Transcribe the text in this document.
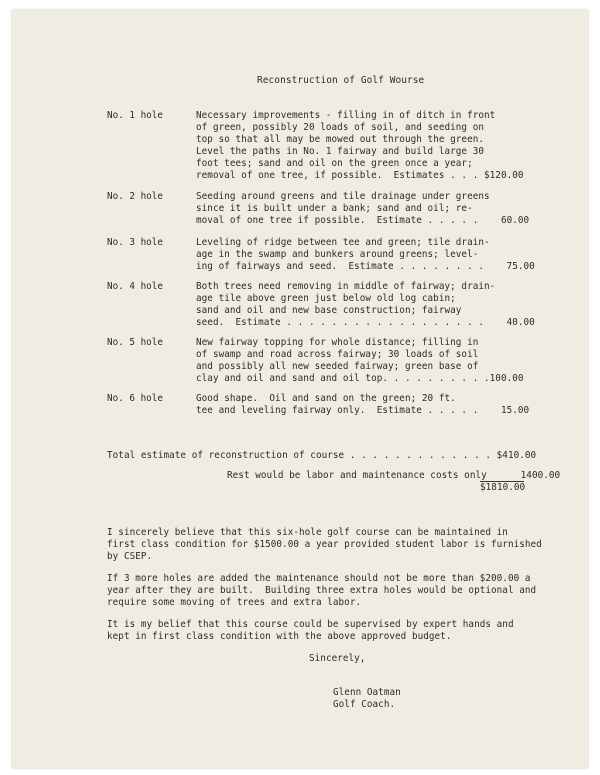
Reconstruction of Golf Wourse
No. 1 hole	Necessary improvements - filling in of ditch in front
of green, possibly 20 loads of soil, and seeding on
top so that all may be mowed out through the green.
Level the paths in No. 1 fairway and build large 30
foot tees; sand and oil on the green once a year;
removal of one tree, if possible.  Estimates . . . $120.00
No. 2 hole	Seeding around greens and tile drainage under greens
since it is built under a bank; sand and oil; re-
moval of one tree if possible.  Estimate . . . . .    60.00
No. 3 hole	Leveling of ridge between tee and green; tile drain-
age in the swamp and bunkers around greens; level-
ing of fairways and seed.  Estimate . . . . . . . .    75.00
No. 4 hole	Both trees need removing in middle of fairway; drain-
age tile above green just below old log cabin;
sand and oil and new base construction; fairway
seed.  Estimate . . . . . . . . . . . . . . . . . .    40.00
No. 5 hole	New fairway topping for whole distance; filling in
of swamp and road across fairway; 30 loads of soil
and possibly all new seeded fairway; green base of
clay and oil and sand and oil top. . . . . . . . . .100.00
No. 6 hole	Good shape.  Oil and sand on the green; 20 ft.
tee and leveling fairway only.  Estimate . . . . .    15.00
Total estimate of reconstruction of course . . . . . . . . . . . . . $410.00
Rest would be labor and maintenance costs only      1400.00
$1810.00
I sincerely believe that this six-hole golf course can be maintained in
first class condition for $1500.00 a year provided student labor is furnished
by CSEP.
If 3 more holes are added the maintenance should not be more than $200.00 a
year after they are built.  Building three extra holes would be optional and
require some moving of trees and extra labor.
It is my belief that this course could be supervised by expert hands and
kept in first class condition with the above approved budget.
Sincerely,
Glenn Oatman
Golf Coach.
